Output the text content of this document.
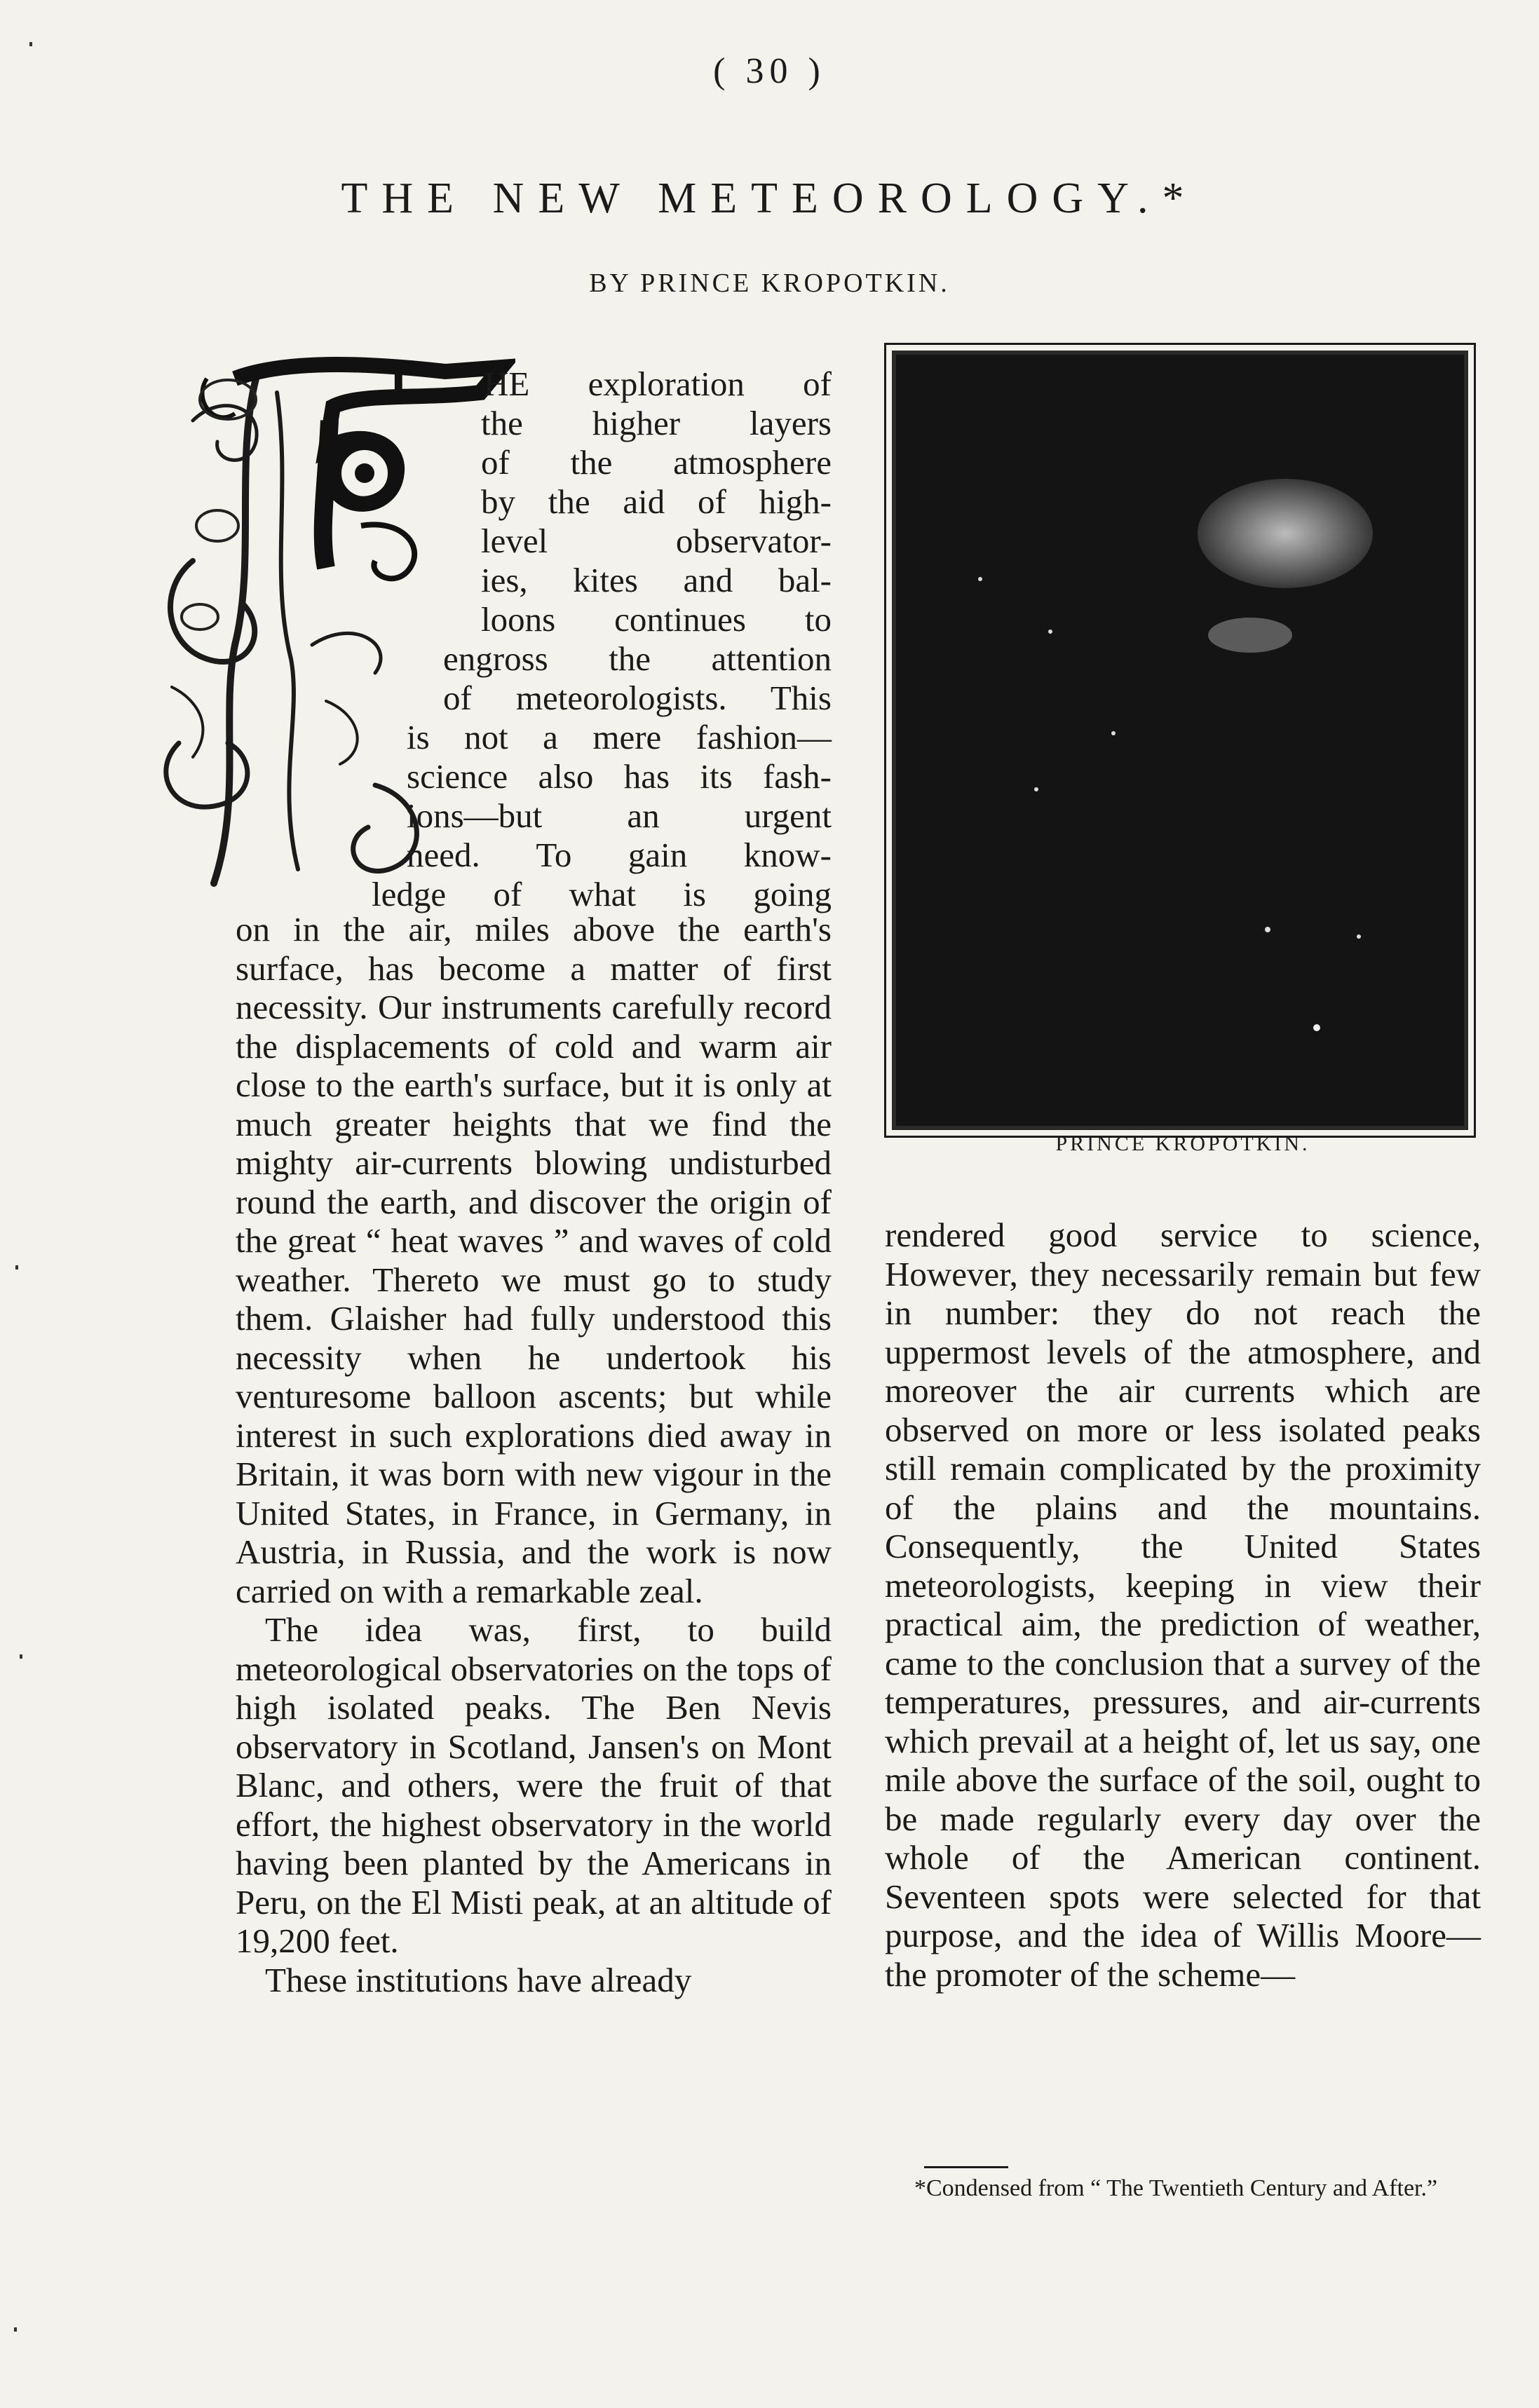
( 30 )
THE NEW METEOROLOGY.*
BY PRINCE KROPOTKIN.
HE exploration of
the higher layers
of the atmosphere
by the aid of high-
level observator-
ies, kites and bal-
loons continues to
engross the attention
of meteorologists. This
is not a mere fashion—
science also has its fash-
ions—but an urgent
need. To gain know-
ledge of what is going
T

on in the air, miles above the earth's surface, has become a matter of first necessity. Our instruments carefully record the displacements of cold and warm air close to the earth's surface, but it is only at much greater heights that we find the mighty air-currents blowing undisturbed round the earth, and discover the origin of the great “ heat waves ” and waves of cold weather. Thereto we must go to study them. Glaisher had fully understood this necessity when he undertook his venturesome balloon ascents; but while interest in such explorations died away in Britain, it was born with new vigour in the United States, in France, in Germany, in Austria, in Russia, and the work is now carried on with a remarkable zeal.

The idea was, first, to build meteorological observatories on the tops of high isolated peaks. The Ben Nevis observatory in Scotland, Jansen's on Mont Blanc, and others, were the fruit of that effort, the highest observatory in the world having been planted by the Americans in Peru, on the El Misti peak, at an altitude of 19,200 feet.

These institutions have already

PRINCE KROPOTKIN.

rendered good service to science, However, they necessarily remain but few in number: they do not reach the uppermost levels of the atmosphere, and moreover the air currents which are observed on more or less isolated peaks still remain complicated by the proximity of the plains and the mountains. Consequently, the United States meteorologists, keeping in view their practical aim, the prediction of weather, came to the conclusion that a survey of the temperatures, pressures, and air-currents which prevail at a height of, let us say, one mile above the surface of the soil, ought to be made regularly every day over the whole of the American continent. Seventeen spots were selected for that purpose, and the idea of Willis Moore—the promoter of the scheme—

*Condensed from “ The Twentieth Century and After.”
